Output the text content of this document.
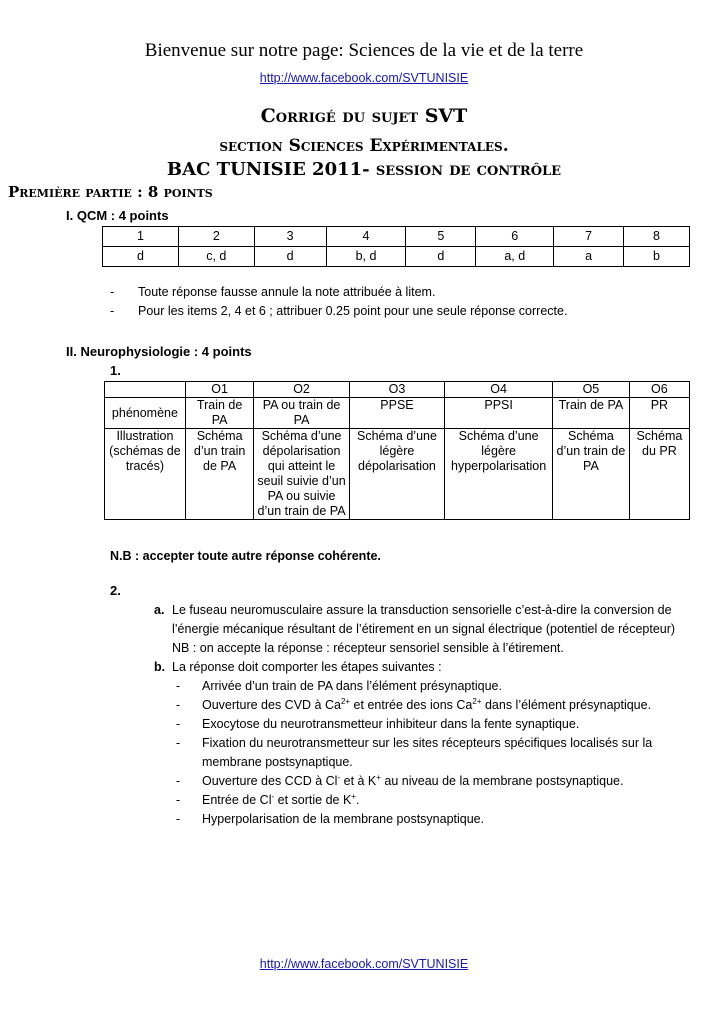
Bienvenue sur notre page: Sciences de la vie et de la terre
http://www.facebook.com/SVTUNISIE
Corrigé du sujet SVT
section Sciences Expérimentales.
BAC TUNISIE 2011- session de contrôle
Première partie : 8 points
I. QCM : 4 points
1	2	3	4	5	6	7	8
d	c, d	d	b, d	d	a, d	a	b
-	Toute réponse fausse annule la note attribuée à litem.
-	Pour les items 2, 4 et 6 ; attribuer 0.25 point pour une seule réponse correcte.
II. Neurophysiologie : 4 points
1.
	O1	O2	O3	O4	O5	O6
phénomène	Train de PA	PA ou train de PA	PPSE	PPSI	Train de PA	PR
Illustration (schémas de tracés)	Schéma d’un train de PA	Schéma d’une dépolarisation qui atteint le seuil suivie d’un PA ou suivie d’un train de PA	Schéma d’une légère dépolarisation	Schéma d’une légère hyperpolarisation	Schéma d’un train de PA	Schéma du PR
N.B : accepter toute autre réponse cohérente.
2.
a. Le fuseau neuromusculaire assure la transduction sensorielle c’est-à-dire la conversion de l’énergie mécanique résultant de l’étirement en un signal électrique (potentiel de récepteur)
NB : on accepte la réponse : récepteur sensoriel sensible à l’étirement.
b. La réponse doit comporter les étapes suivantes :
-	Arrivée d’un train de PA dans l’élément présynaptique.
-	Ouverture des CVD à $Ca^{2+}$ et entrée des ions $Ca^{2+}$ dans l’élément présynaptique.
-	Exocytose du neurotransmetteur inhibiteur dans la fente synaptique.
-	Fixation du neurotransmetteur sur les sites récepteurs spécifiques localisés sur la membrane postsynaptique.
-	Ouverture des CCD à Cl- et à K+ au niveau de la membrane postsynaptique.
-	Entrée de Cl- et sortie de K+.
-	Hyperpolarisation de la membrane postsynaptique.
http://www.facebook.com/SVTUNISIE
